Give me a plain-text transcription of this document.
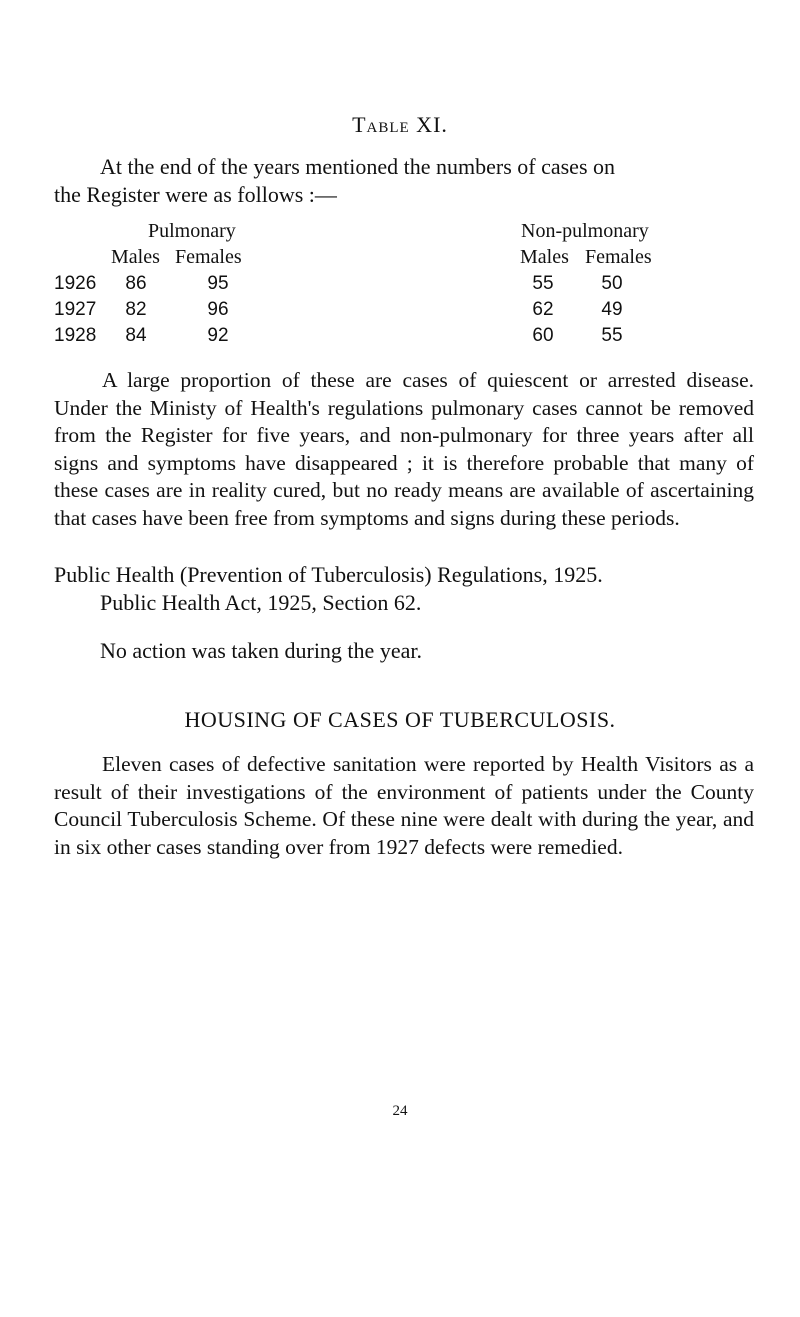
Table XI.
At the end of the years mentioned the numbers of cases on
the Register were as follows :—
Pulmonary	Non-pulmonary
Males Females	Males Females
1926	86	95	55	50
1927	82	96	62	49
1928	84	92	60	55
A large proportion of these are cases of quiescent or arrested disease. Under the Ministy of Health's regulations pulmonary cases cannot be removed from the Register for five years, and non-pulmonary for three years after all signs and symptoms have disappeared ; it is therefore probable that many of these cases are in reality cured, but no ready means are available of ascertaining that cases have been free from symptoms and signs during these periods.
Public Health (Prevention of Tuberculosis) Regulations, 1925.
Public Health Act, 1925, Section 62.
No action was taken during the year.
HOUSING OF CASES OF TUBERCULOSIS.
Eleven cases of defective sanitation were reported by Health Visitors as a result of their investigations of the environment of patients under the County Council Tuberculosis Scheme. Of these nine were dealt with during the year, and in six other cases standing over from 1927 defects were remedied.
24
